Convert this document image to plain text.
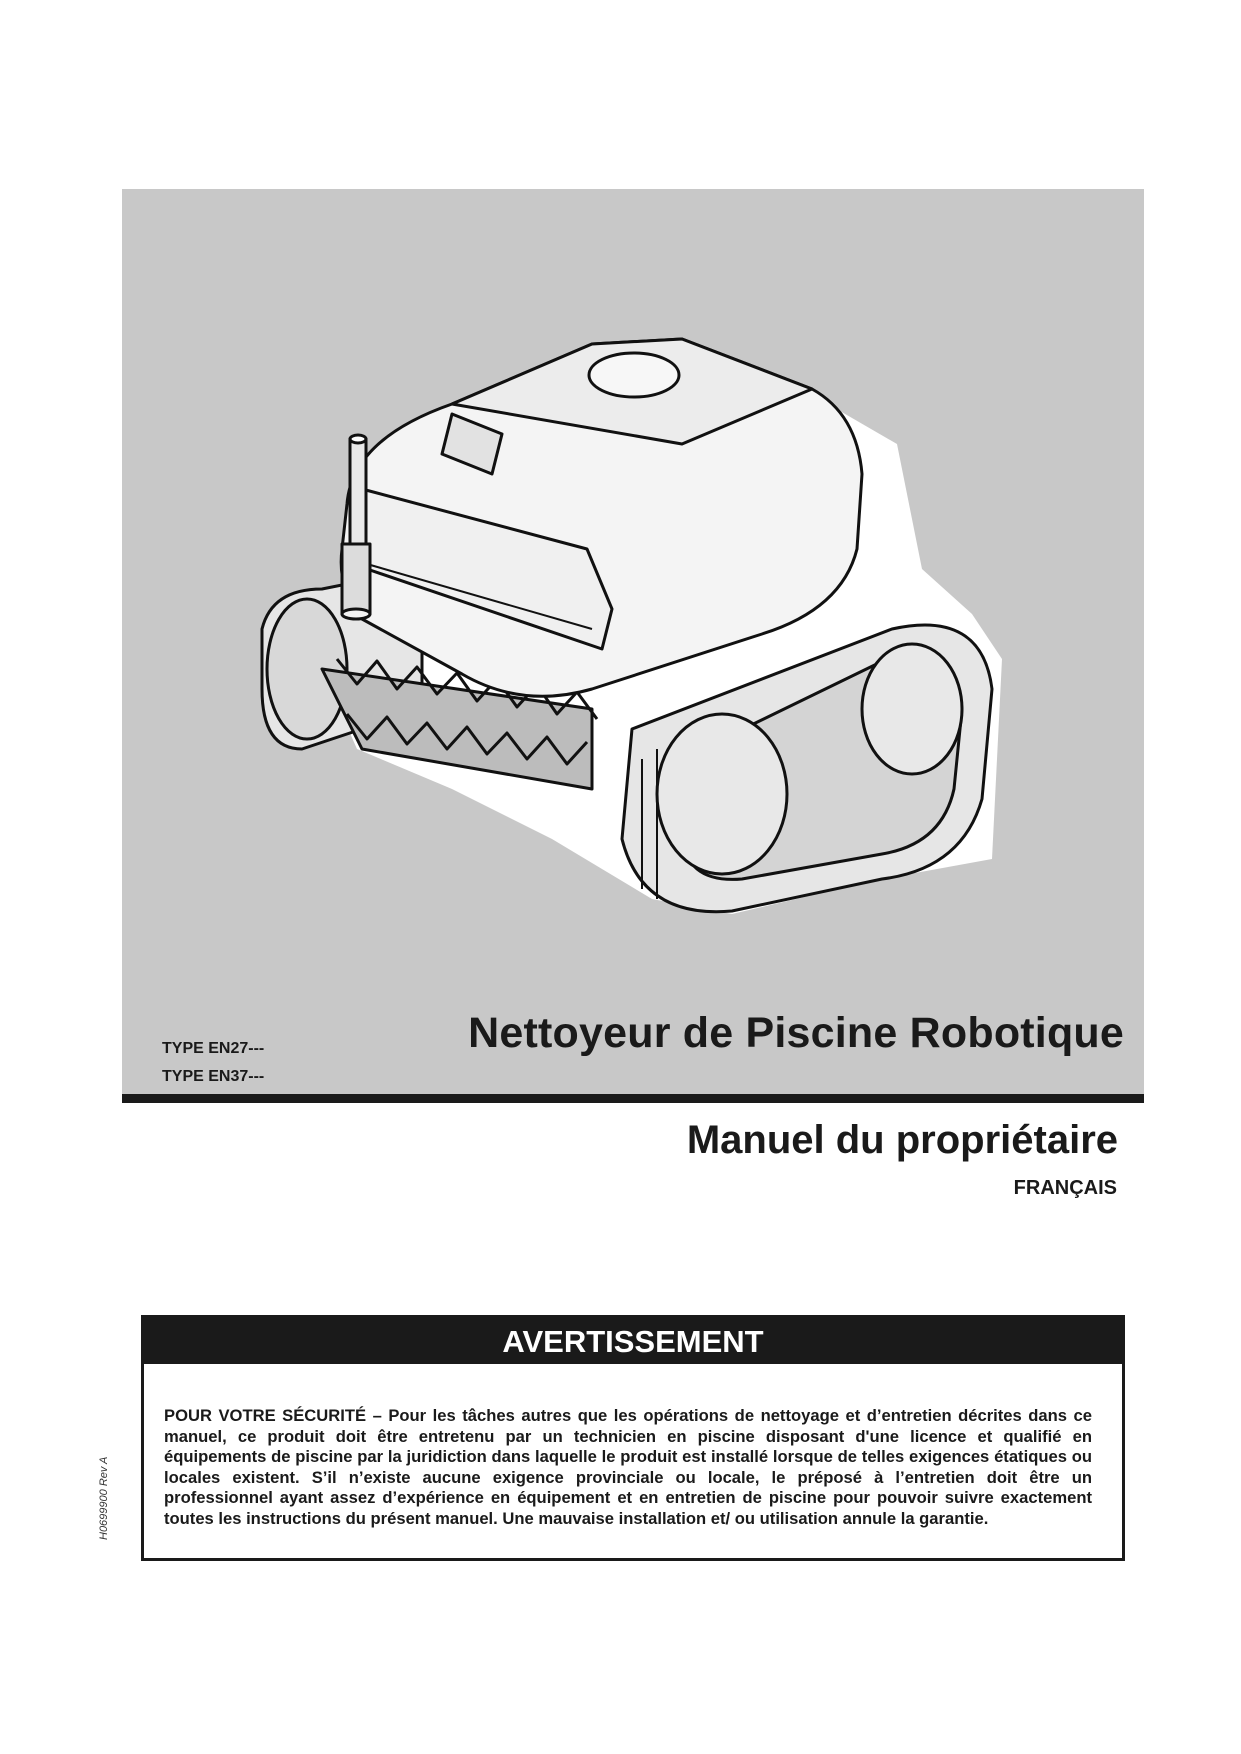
TYPE EN27---
TYPE EN37---
Nettoyeur de Piscine Robotique
Manuel du propriétaire
FRANÇAIS
AVERTISSEMENT
POUR VOTRE SÉCURITÉ – Pour les tâches autres que les opérations de nettoyage et d’entretien décrites dans ce manuel, ce produit doit être entretenu par un technicien en piscine disposant d'une licence et qualifié en équipements de piscine par la juridiction dans laquelle le produit est installé lorsque de telles exigences étatiques ou locales existent. S’il n’existe aucune exigence provinciale ou locale, le préposé à l’entretien doit être un professionnel ayant assez d’expérience en équipement et en entretien de piscine pour pouvoir suivre exactement toutes les instructions du présent manuel. Une mauvaise installation et/ ou utilisation annule la garantie.
H0699900 Rev A
